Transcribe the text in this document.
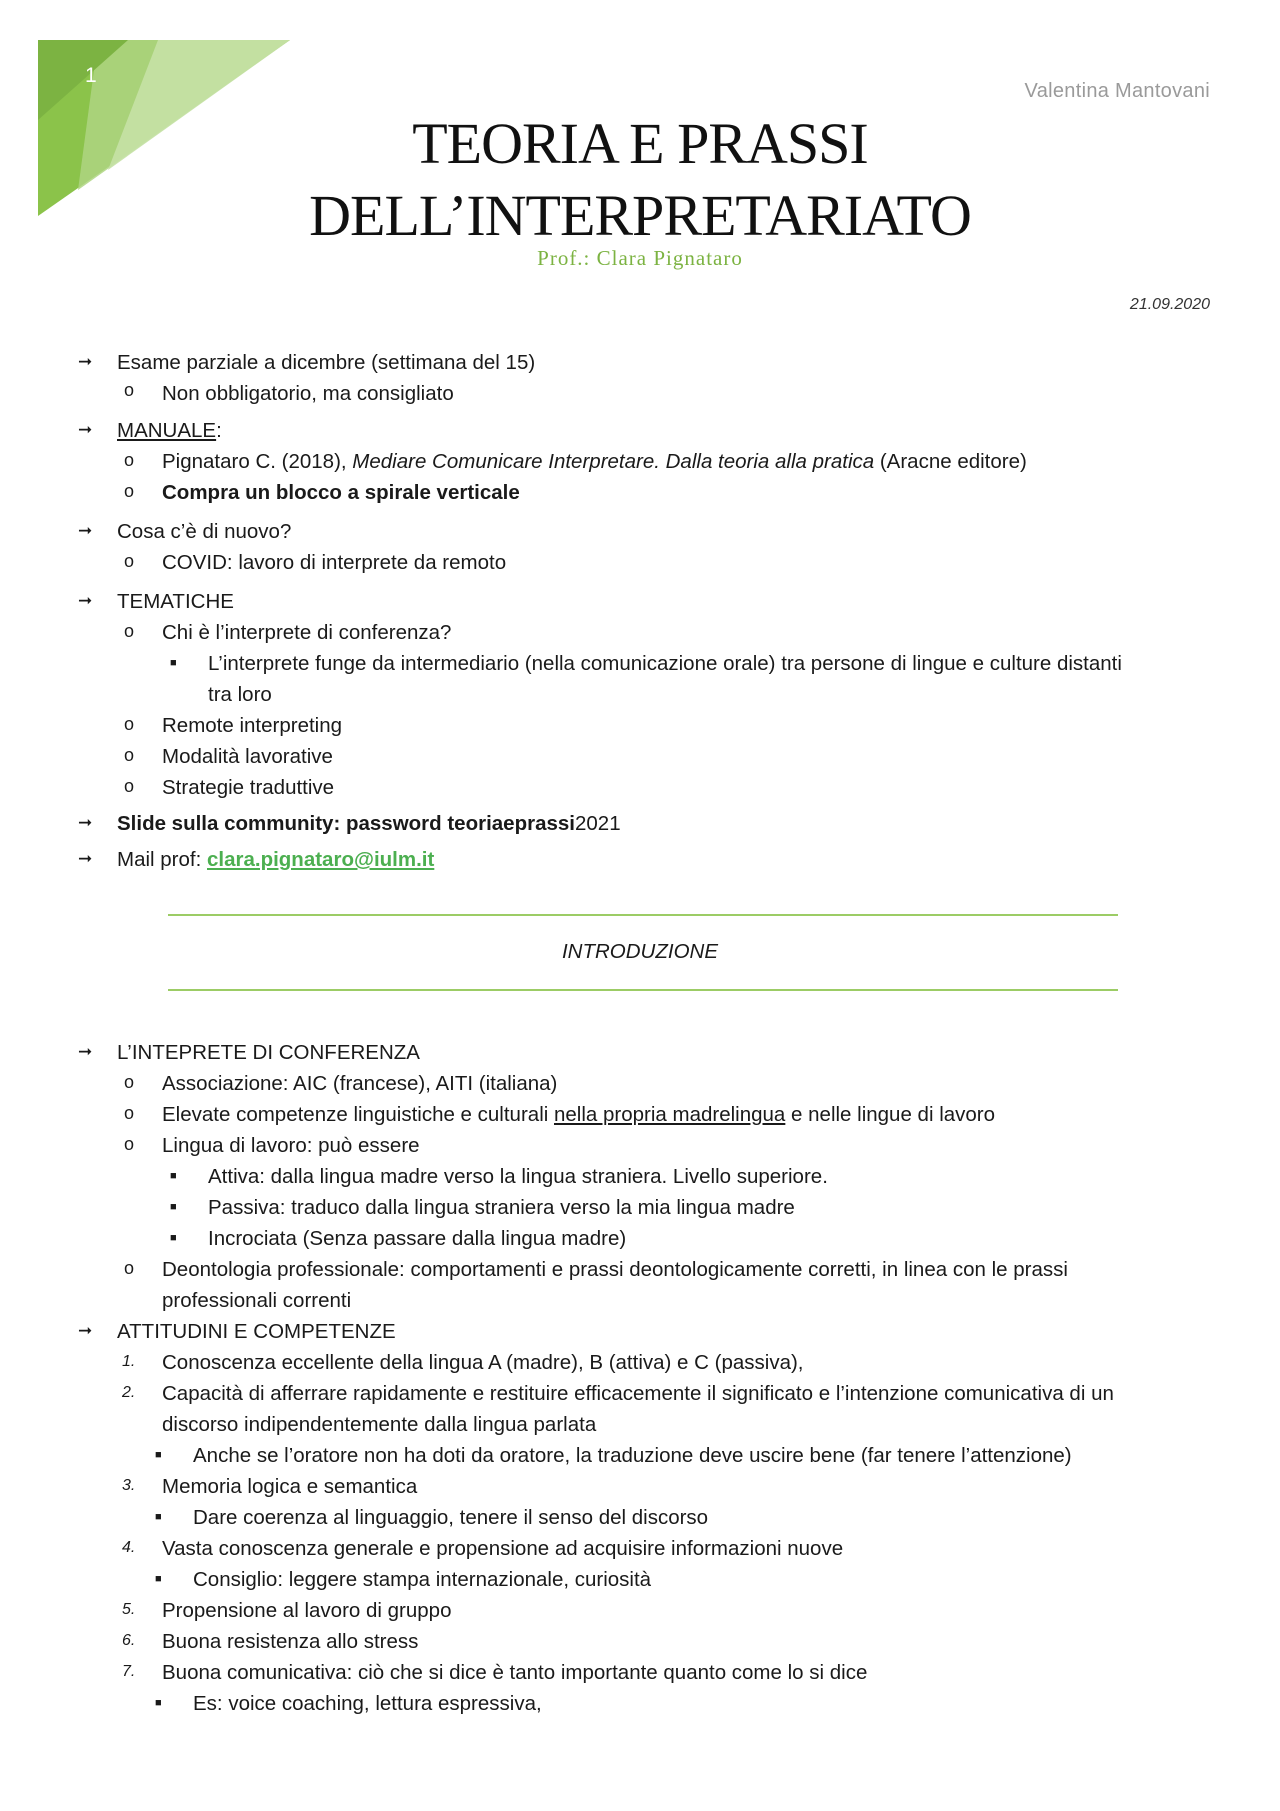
1
Valentina Mantovani
TEORIA E PRASSI
DELL’INTERPRETARIATO
Prof.: Clara Pignataro
21.09.2020
➞ Esame parziale a dicembre (settimana del 15)
o Non obbligatorio, ma consigliato
➞ MANUALE:
o Pignataro C. (2018), Mediare Comunicare Interpretare. Dalla teoria alla pratica (Aracne editore)
o Compra un blocco a spirale verticale
➞ Cosa c’è di nuovo?
o COVID: lavoro di interprete da remoto
➞ TEMATICHE
o Chi è l’interprete di conferenza?
■ L’interprete funge da intermediario (nella comunicazione orale) tra persone di lingue e culture distanti
tra loro
o Remote interpreting
o Modalità lavorative
o Strategie traduttive
➞ Slide sulla community: password teoriaeprassi2021
➞ Mail prof: clara.pignataro@iulm.it
INTRODUZIONE
➞ L’INTEPRETE DI CONFERENZA
o Associazione: AIC (francese), AITI (italiana)
o Elevate competenze linguistiche e culturali nella propria madrelingua e nelle lingue di lavoro
o Lingua di lavoro: può essere
■ Attiva: dalla lingua madre verso la lingua straniera. Livello superiore.
■ Passiva: traduco dalla lingua straniera verso la mia lingua madre
■ Incrociata (Senza passare dalla lingua madre)
o Deontologia professionale: comportamenti e prassi deontologicamente corretti, in linea con le prassi
professionali correnti
➞ ATTITUDINI E COMPETENZE
1. Conoscenza eccellente della lingua A (madre), B (attiva) e C (passiva),
2. Capacità di afferrare rapidamente e restituire efficacemente il significato e l’intenzione comunicativa di un
discorso indipendentemente dalla lingua parlata
■ Anche se l’oratore non ha doti da oratore, la traduzione deve uscire bene (far tenere l’attenzione)
3. Memoria logica e semantica
■ Dare coerenza al linguaggio, tenere il senso del discorso
4. Vasta conoscenza generale e propensione ad acquisire informazioni nuove
■ Consiglio: leggere stampa internazionale, curiosità
5. Propensione al lavoro di gruppo
6. Buona resistenza allo stress
7. Buona comunicativa: ciò che si dice è tanto importante quanto come lo si dice
■ Es: voice coaching, lettura espressiva,
